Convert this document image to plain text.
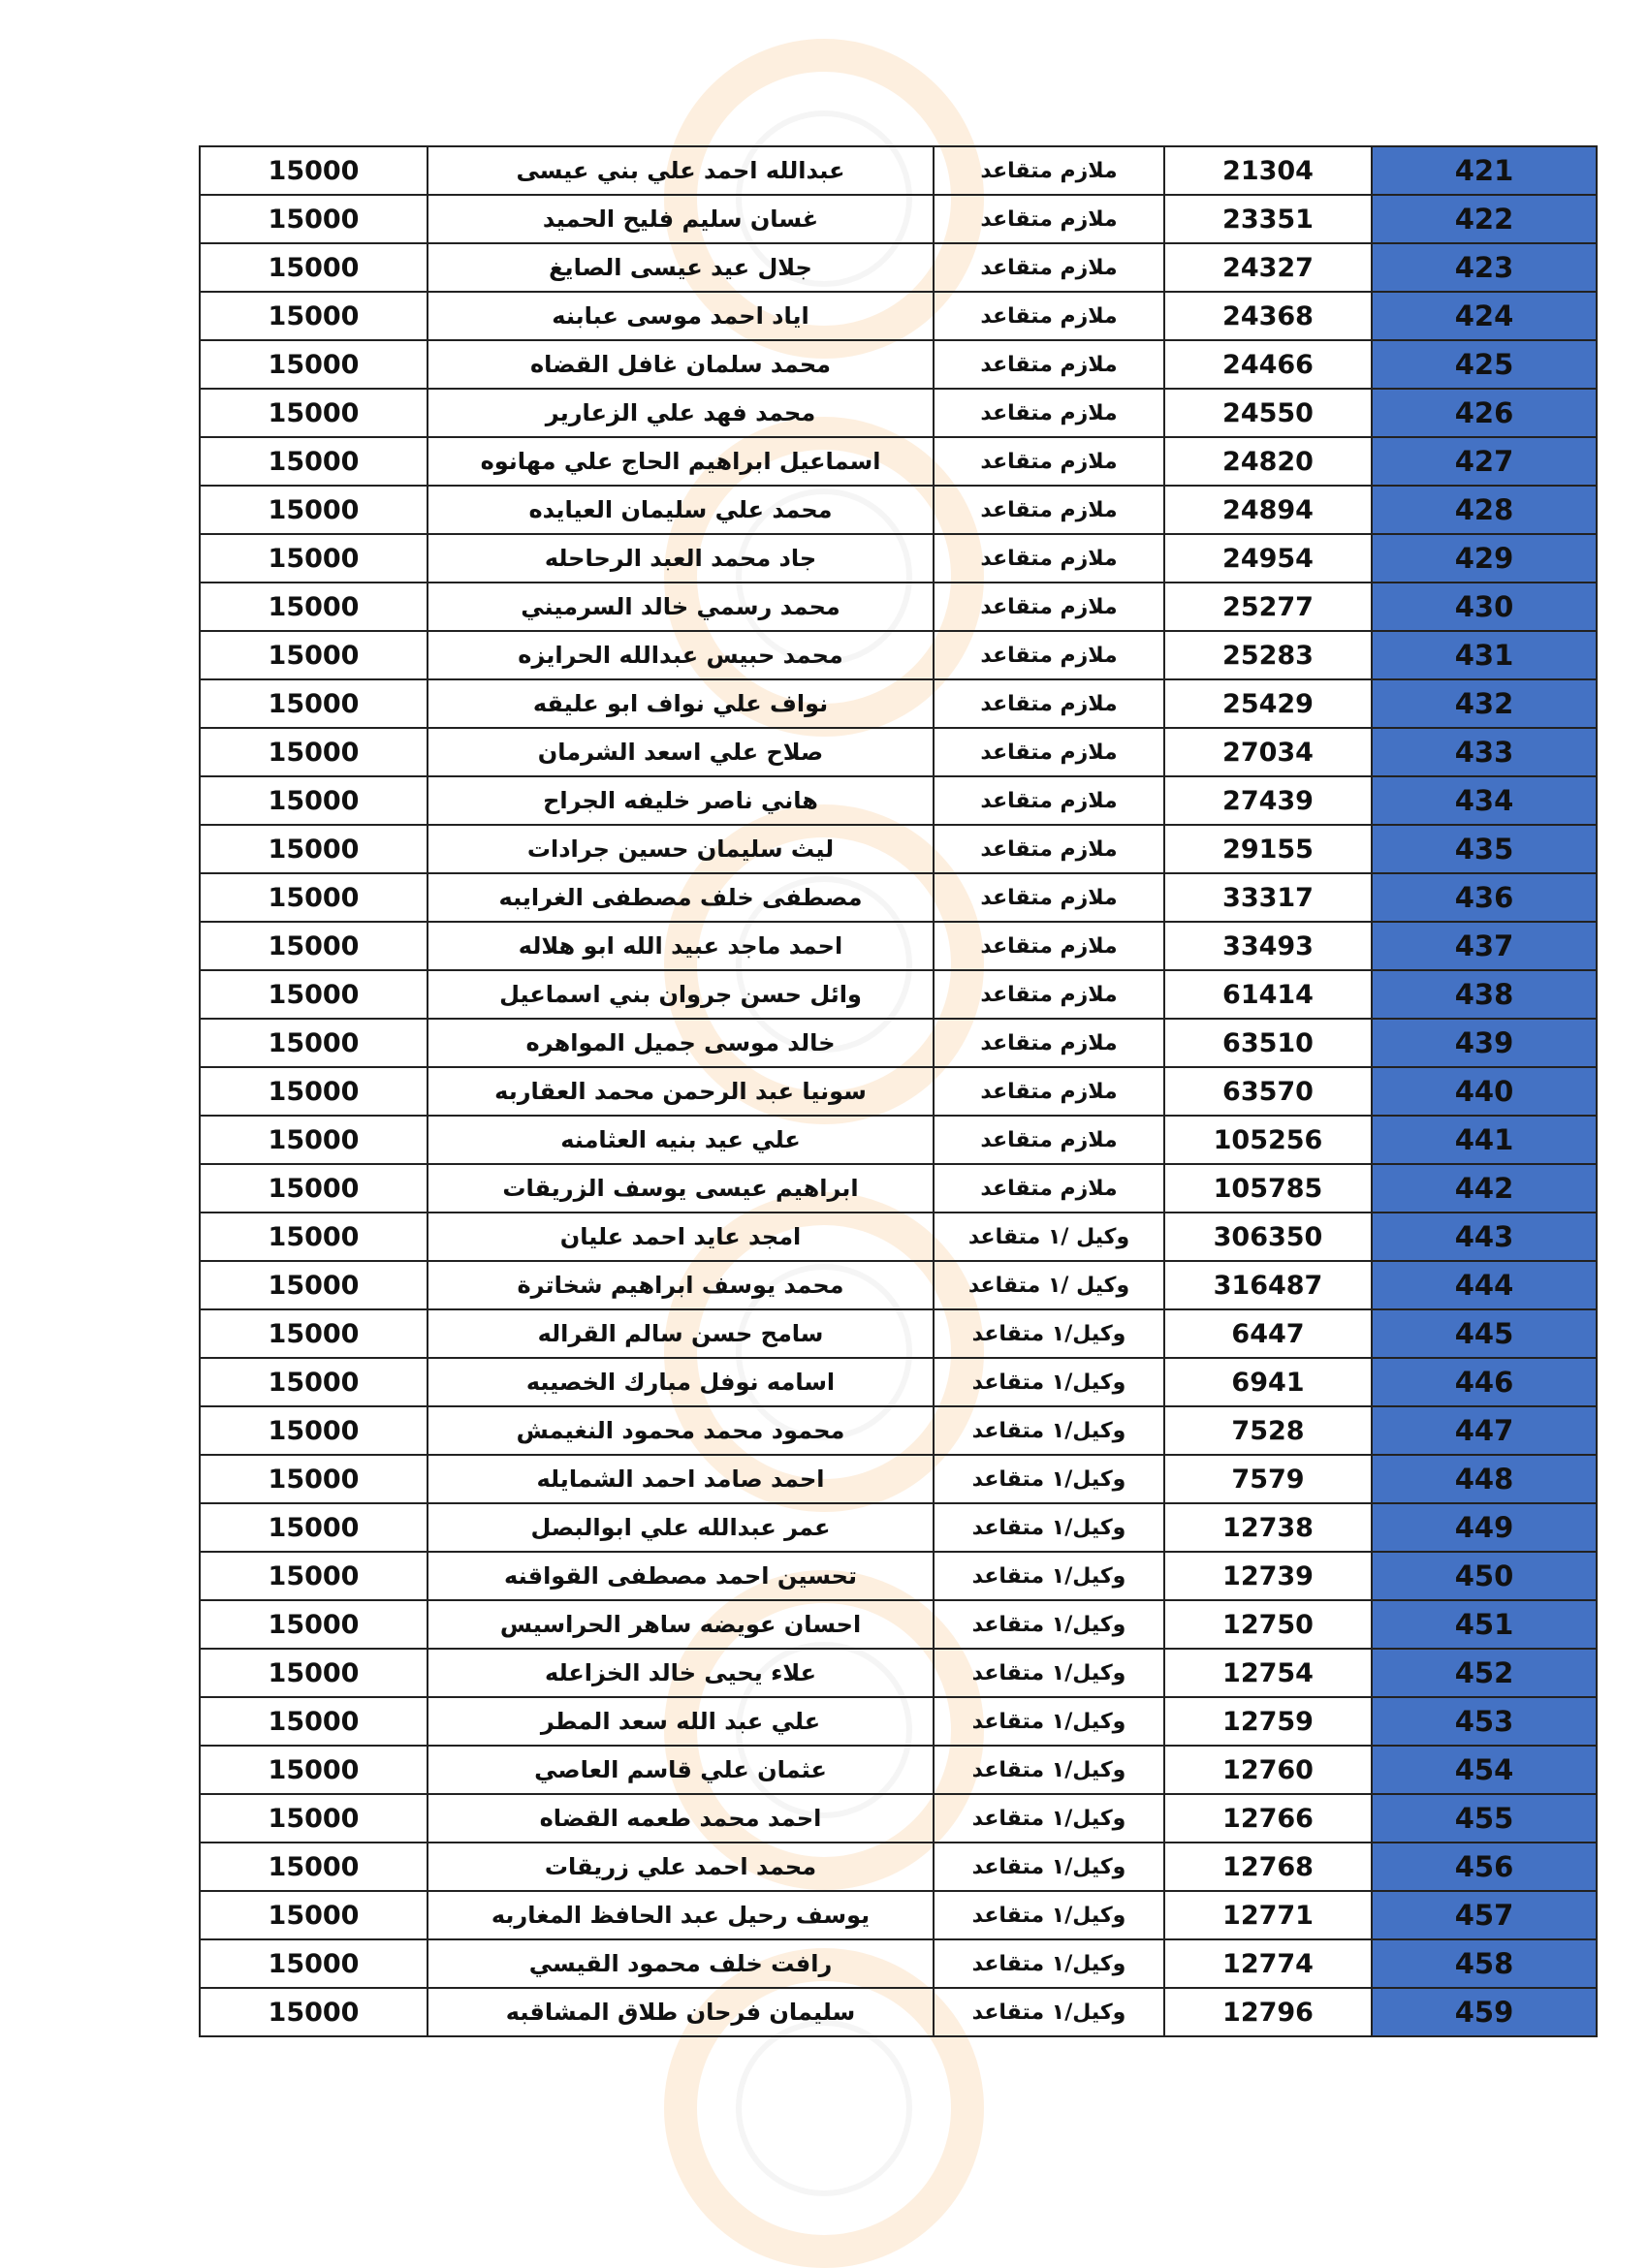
15000	عبدالله احمد علي بني عيسى	ملازم متقاعد	21304	421
15000	غسان سليم فليح الحميد	ملازم متقاعد	23351	422
15000	جلال عيد عيسى الصايغ	ملازم متقاعد	24327	423
15000	اياد احمد موسى عبابنه	ملازم متقاعد	24368	424
15000	محمد سلمان غافل القضاه	ملازم متقاعد	24466	425
15000	محمد فهد علي الزعارير	ملازم متقاعد	24550	426
15000	اسماعيل ابراهيم الحاج علي مهانوه	ملازم متقاعد	24820	427
15000	محمد علي سليمان العيايده	ملازم متقاعد	24894	428
15000	جاد محمد العبد الرحاحله	ملازم متقاعد	24954	429
15000	محمد رسمي خالد السرميني	ملازم متقاعد	25277	430
15000	محمد حبيس عبدالله الحرايزه	ملازم متقاعد	25283	431
15000	نواف علي نواف ابو عليقه	ملازم متقاعد	25429	432
15000	صلاح علي اسعد الشرمان	ملازم متقاعد	27034	433
15000	هاني ناصر خليفه الجراح	ملازم متقاعد	27439	434
15000	ليث سليمان حسين جرادات	ملازم متقاعد	29155	435
15000	مصطفى خلف مصطفى الغرايبه	ملازم متقاعد	33317	436
15000	احمد ماجد عبيد الله ابو هلاله	ملازم متقاعد	33493	437
15000	وائل حسن جروان بني اسماعيل	ملازم متقاعد	61414	438
15000	خالد موسى جميل المواهره	ملازم متقاعد	63510	439
15000	سونيا عبد الرحمن محمد العقاربه	ملازم متقاعد	63570	440
15000	علي عيد بنيه العثامنه	ملازم متقاعد	105256	441
15000	ابراهيم عيسى يوسف الزريقات	ملازم متقاعد	105785	442
15000	امجد عايد احمد عليان	وكيل /١ متقاعد	306350	443
15000	محمد يوسف ابراهيم شخاترة	وكيل /١ متقاعد	316487	444
15000	سامح حسن سالم القراله	وكيل/١ متقاعد	6447	445
15000	اسامه نوفل مبارك الخصيبه	وكيل/١ متقاعد	6941	446
15000	محمود محمد محمود النغيمش	وكيل/١ متقاعد	7528	447
15000	احمد صامد احمد الشمايله	وكيل/١ متقاعد	7579	448
15000	عمر عبدالله علي ابوالبصل	وكيل/١ متقاعد	12738	449
15000	تحسين احمد مصطفى القواقنه	وكيل/١ متقاعد	12739	450
15000	احسان عويضه ساهر الحراسيس	وكيل/١ متقاعد	12750	451
15000	علاء يحيى خالد الخزاعله	وكيل/١ متقاعد	12754	452
15000	علي عبد الله سعد المطر	وكيل/١ متقاعد	12759	453
15000	عثمان علي قاسم العاصي	وكيل/١ متقاعد	12760	454
15000	احمد محمد طعمه القضاه	وكيل/١ متقاعد	12766	455
15000	محمد احمد علي زريقات	وكيل/١ متقاعد	12768	456
15000	يوسف رحيل عبد الحافظ المغاربه	وكيل/١ متقاعد	12771	457
15000	رافت خلف محمود القيسي	وكيل/١ متقاعد	12774	458
15000	سليمان فرحان طلاق المشاقبه	وكيل/١ متقاعد	12796	459
